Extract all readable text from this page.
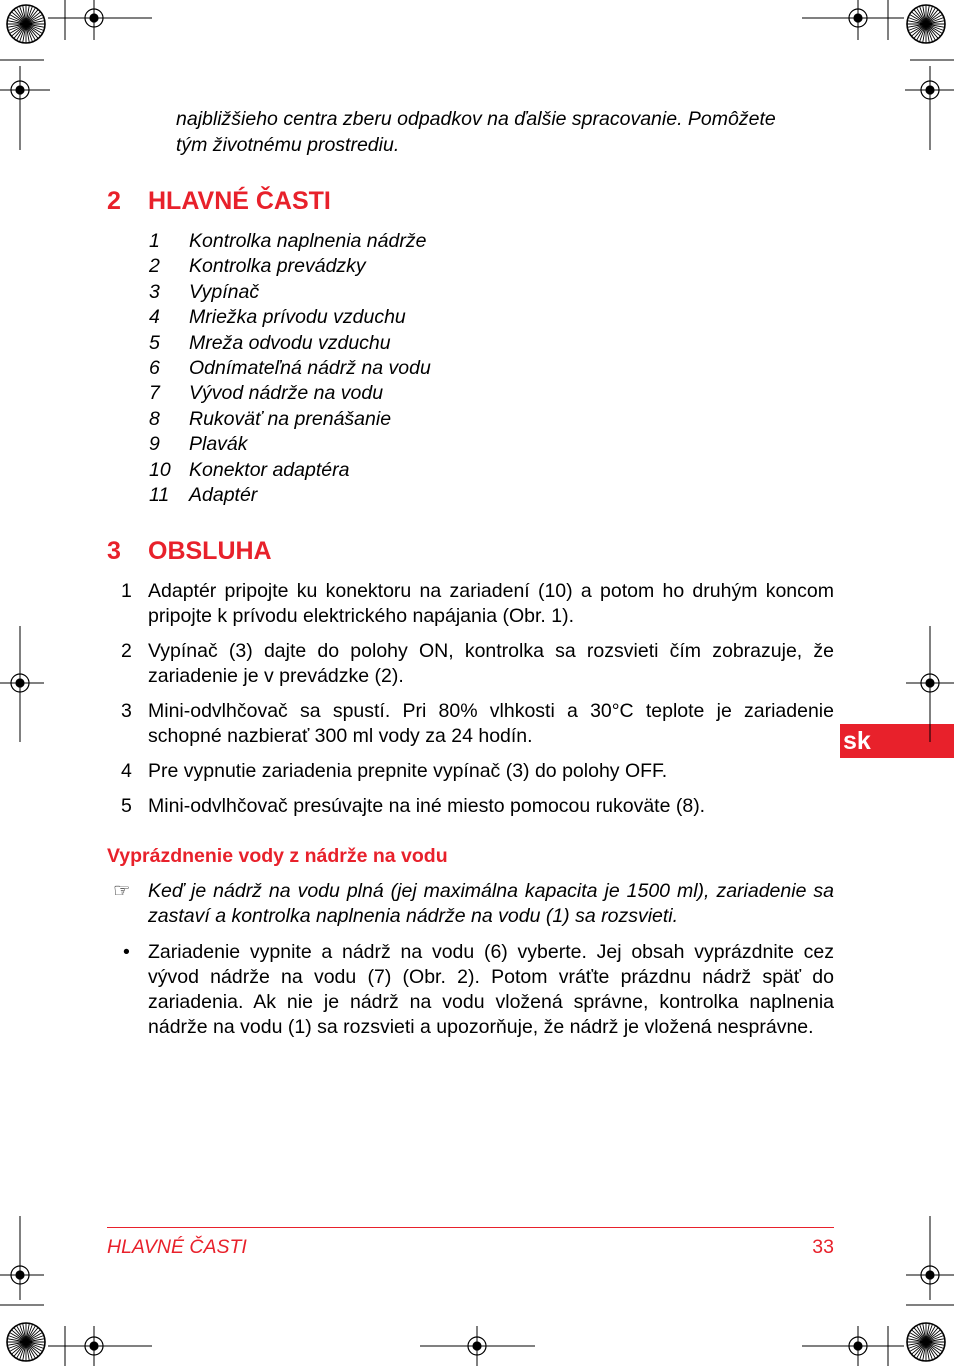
najbližšieho centra zberu odpadkov na ďalšie spracovanie. Pomôžete

tým životnému prostrediu.

2 HLAVNÉ ČASTI
1 Kontrolka naplnenia nádrže
2 Kontrolka prevádzky
3 Vypínač
4 Mriežka prívodu vzduchu
5 Mreža odvodu vzduchu
6 Odnímateľná nádrž na vodu
7 Vývod nádrže na vodu
8 Rukoväť na prenášanie
9 Plavák
10 Konektor adaptéra
11 Adaptér
3 OBSLUHA
1 Adaptér pripojte ku konektoru na zariadení (10) a potom ho druhým koncom pripojte k prívodu elektrického napájania (Obr. 1).
2 Vypínač (3) dajte do polohy ON, kontrolka sa rozsvieti čím zobrazuje, že zariadenie je v prevádzke (2).
3 Mini-odvlhčovač sa spustí. Pri 80% vlhkosti a 30°C teplote je zariadenie schopné nazbierať 300 ml vody za 24 hodín.
4 Pre vypnutie zariadenia prepnite vypínač (3) do polohy OFF.
5 Mini-odvlhčovač presúvajte na iné miesto pomocou rukoväte (8).
Vyprázdnenie vody z nádrže na vodu
☞ Keď je nádrž na vodu plná (jej maximálna kapacita je 1500 ml), zariadenie sa zastaví a kontrolka naplnenia nádrže na vodu (1) sa rozsvieti.
• Zariadenie vypnite a nádrž na vodu (6) vyberte. Jej obsah vyprázdnite cez vývod nádrže na vodu (7) (Obr. 2). Potom vráťte prázdnu nádrž späť do zariadenia. Ak nie je nádrž na vodu vložená správne, kontrolka naplnenia nádrže na vodu (1) sa rozsvieti a upozorňuje, že nádrž je vložená nesprávne.
sk
HLAVNÉ ČASTI	33
